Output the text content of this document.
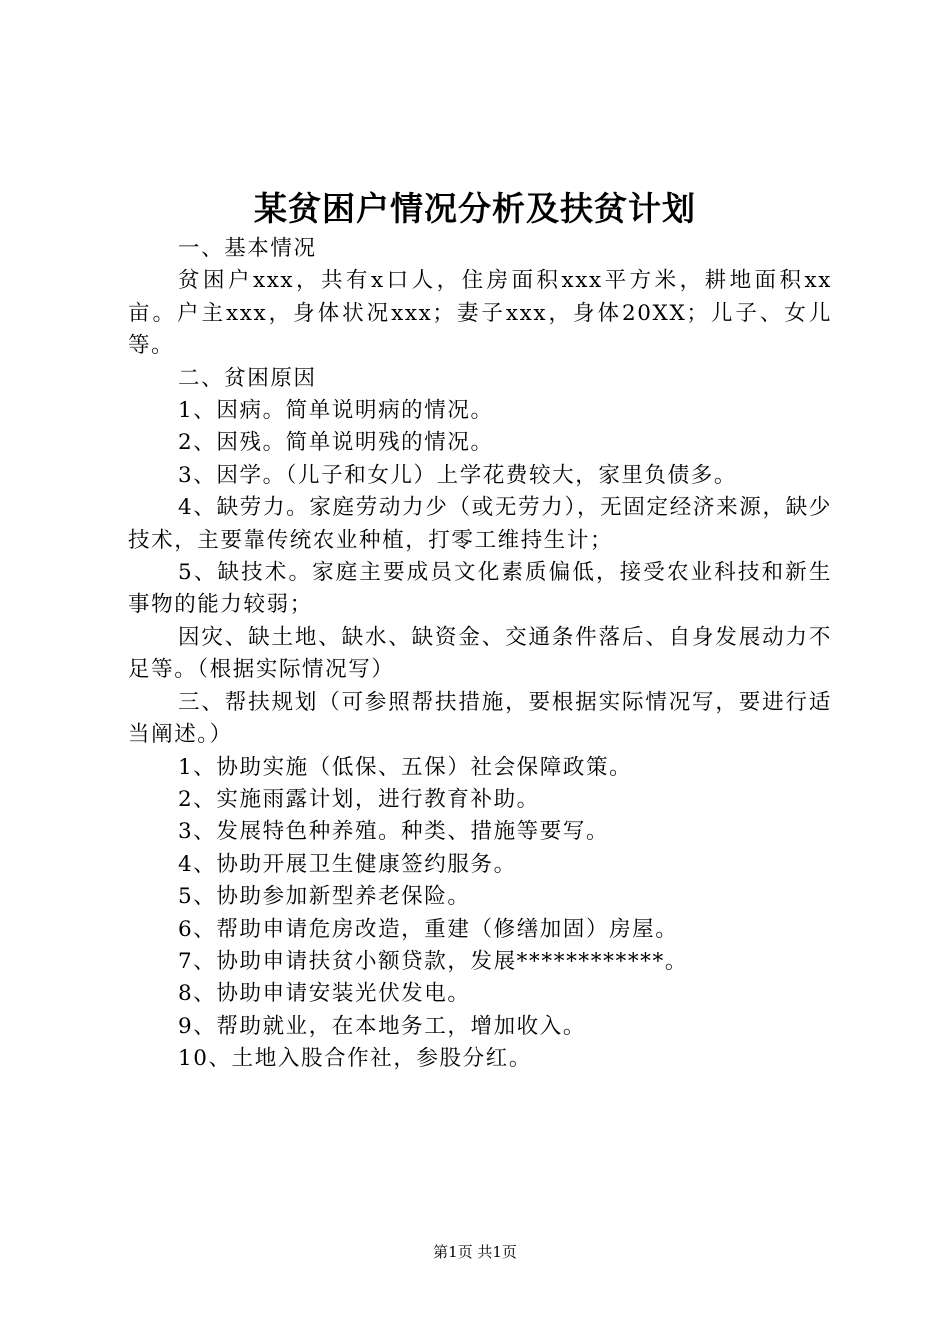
某贫困户情况分析及扶贫计划

一、基本情况

贫困户xxx，共有x口人，住房面积xxx平方米，耕地面积xx亩。户主xxx，身体状况xxx；妻子xxx，身体20XX；儿子、女儿等。

二、贫困原因

1、因病。简单说明病的情况。

2、因残。简单说明残的情况。

3、因学。（儿子和女儿）上学花费较大，家里负债多。

4、缺劳力。家庭劳动力少（或无劳力），无固定经济来源，缺少技术，主要靠传统农业种植，打零工维持生计；

5、缺技术。家庭主要成员文化素质偏低，接受农业科技和新生事物的能力较弱；

因灾、缺土地、缺水、缺资金、交通条件落后、自身发展动力不足等。（根据实际情况写）

三、帮扶规划（可参照帮扶措施，要根据实际情况写，要进行适当阐述。）

1、协助实施（低保、五保）社会保障政策。

2、实施雨露计划，进行教育补助。

3、发展特色种养殖。种类、措施等要写。

4、协助开展卫生健康签约服务。

5、协助参加新型养老保险。

6、帮助申请危房改造，重建（修缮加固）房屋。

7、协助申请扶贫小额贷款，发展************。

8、协助申请安装光伏发电。

9、帮助就业，在本地务工，增加收入。

10、土地入股合作社，参股分红。

第1页 共1页
